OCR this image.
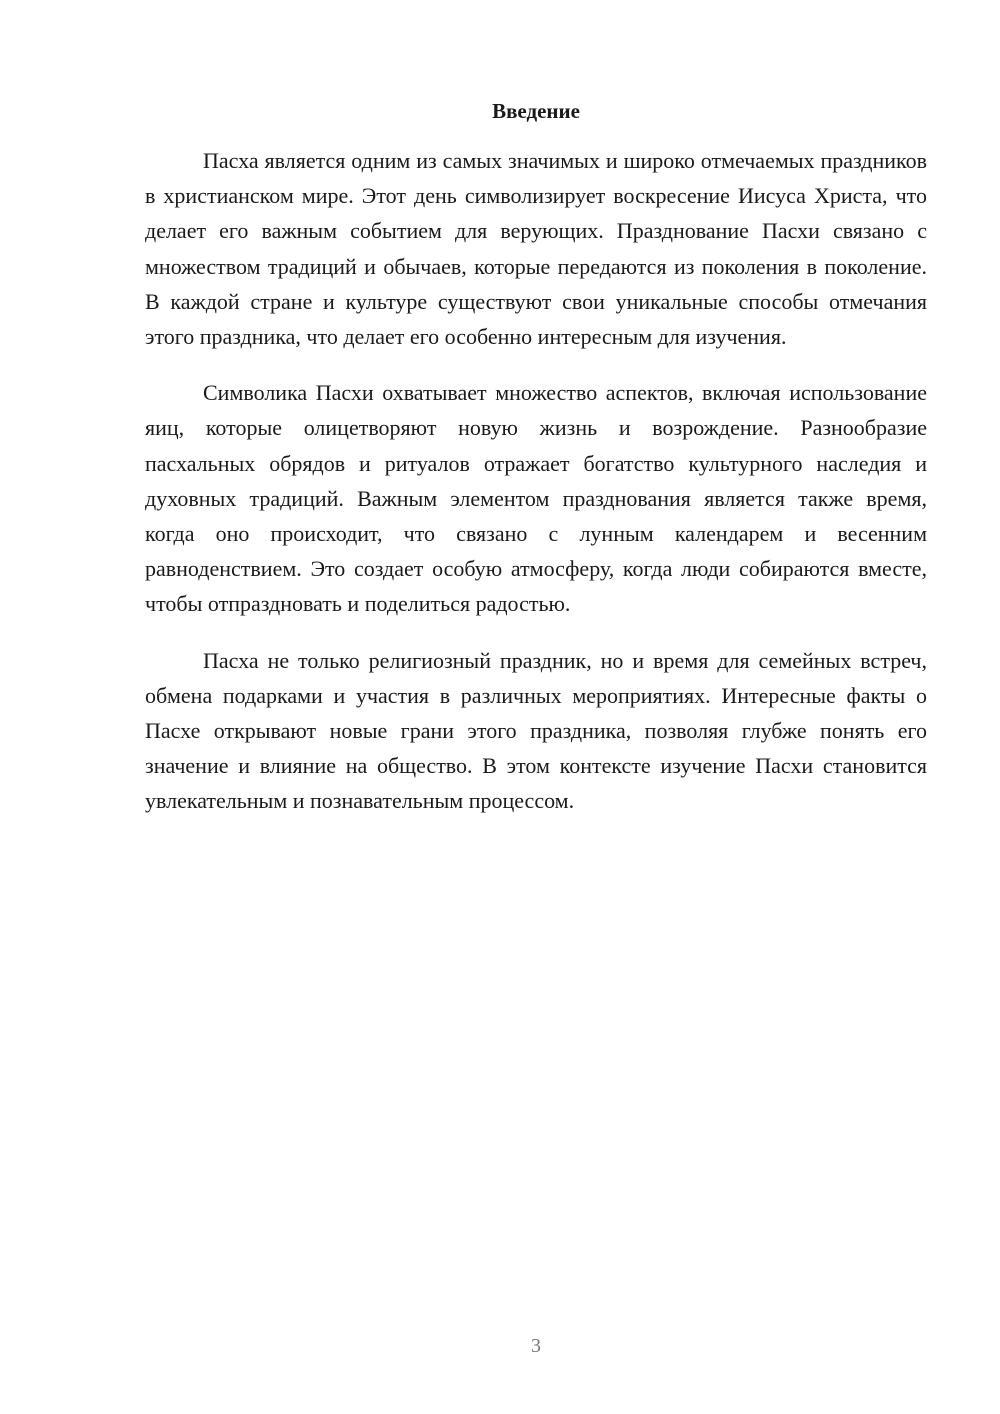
Введение

Пасха является одним из самых значимых и широко отмечаемых праздников в христианском мире. Этот день символизирует воскресение Иисуса Христа, что делает его важным событием для верующих. Празднование Пасхи связано с множеством традиций и обычаев, которые передаются из поколения в поколение. В каждой стране и культуре существуют свои уникальные способы отмечания этого праздника, что делает его особенно интересным для изучения.

Символика Пасхи охватывает множество аспектов, включая использование яиц, которые олицетворяют новую жизнь и возрождение. Разнообразие пасхальных обрядов и ритуалов отражает богатство культурного наследия и духовных традиций. Важным элементом празднования является также время, когда оно происходит, что связано с лунным календарем и весенним равноденствием. Это создает особую атмосферу, когда люди собираются вместе, чтобы отпраздновать и поделиться радостью.

Пасха не только религиозный праздник, но и время для семейных встреч, обмена подарками и участия в различных мероприятиях. Интересные факты о Пасхе открывают новые грани этого праздника, позволяя глубже понять его значение и влияние на общество. В этом контексте изучение Пасхи становится увлекательным и познавательным процессом.

3
